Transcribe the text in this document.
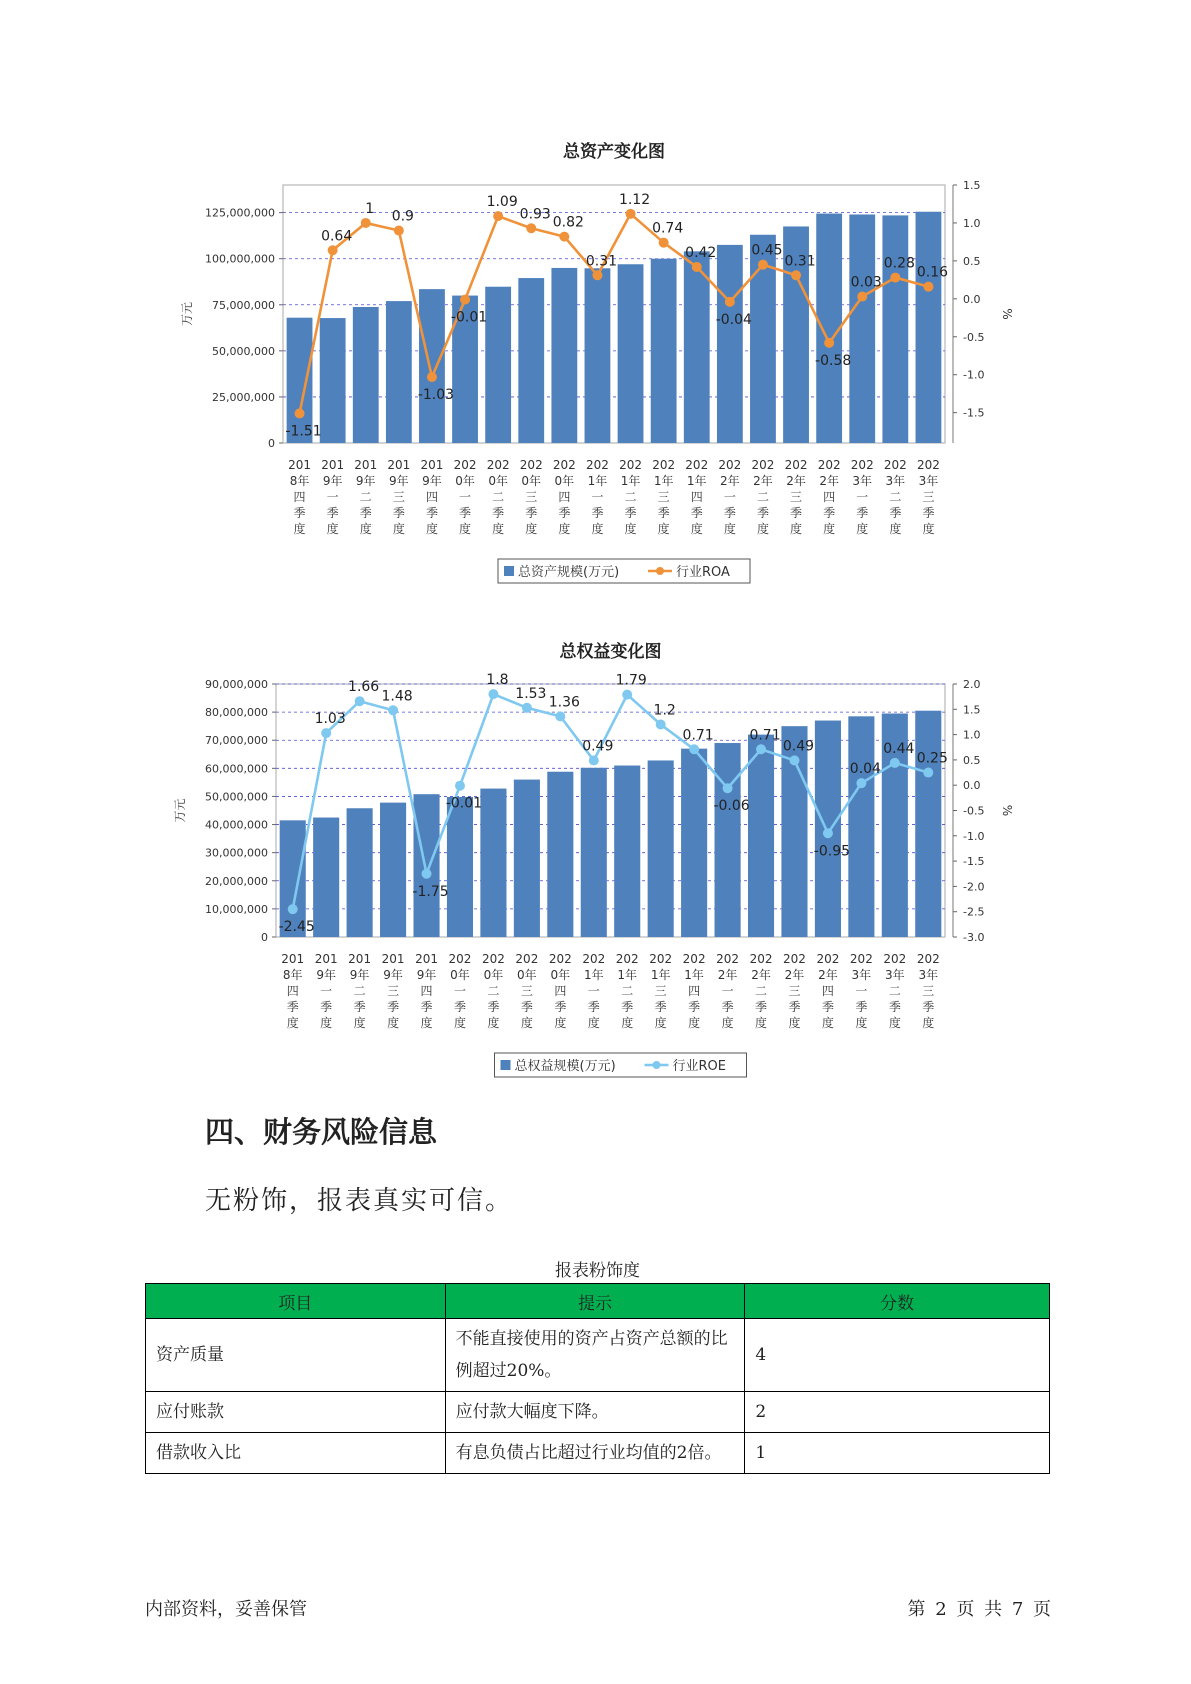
总资产变化图
0
25,000,000
50,000,000
75,000,000
100,000,000
125,000,000
-1.5
-1.0
-0.5
0.0
0.5
1.0
1.5
万元	%
201 8年四季度
201 9年一季度
201 9年二季度
201 9年三季度
201 9年四季度
202 0年一季度
202 0年二季度
202 0年三季度
202 0年四季度
202 1年一季度
202 1年二季度
202 1年三季度
202 1年四季度
202 2年一季度
202 2年二季度
202 2年三季度
202 2年四季度
202 3年一季度
202 3年二季度
202 3年三季度
-1.51
0.64
1 0.9
-1.03
-0.01
1.09
0.93
0.82
0.31
1.12
0.74
0.42
-0.04
0.45
0.31
-0.58
0.03
0.28
0.16
总资产规模(万元)	行业ROA
总权益变化图
0
10,000,000
20,000,000
30,000,000
40,000,000
50,000,000
60,000,000
70,000,000
80,000,000
90,000,000
-3.0
-2.5
-2.0
-1.5
-1.0
-0.5
0.0
0.5
1.0
1.5
2.0
万元	%
201 8年四季度
201 9年一季度
201 9年二季度
201 9年三季度
201 9年四季度
202 0年一季度
202 0年二季度
202 0年三季度
202 0年四季度
202 1年一季度
202 1年二季度
202 1年三季度
202 1年四季度
202 2年一季度
202 2年二季度
202 2年三季度
202 2年四季度
202 3年一季度
202 3年二季度
202 3年三季度
-2.45
1.03
1.66
1.48
-1.75
-0.01
1.8
1.53
1.36
0.49
1.79
1.2
0.71
-0.06
0.71
0.49
-0.95
0.04
0.44
0.25
总权益规模(万元)	行业ROE
四、财务风险信息
无粉饰，报表真实可信。
报表粉饰度
项目	提示	分数
资产质量	不能直接使用的资产占资产总额的比例超过20%。	4
应付账款	应付款大幅度下降。	2
借款收入比	有息负债占比超过行业均值的2倍。	1
内部资料，妥善保管	第 2 页 共 7 页
